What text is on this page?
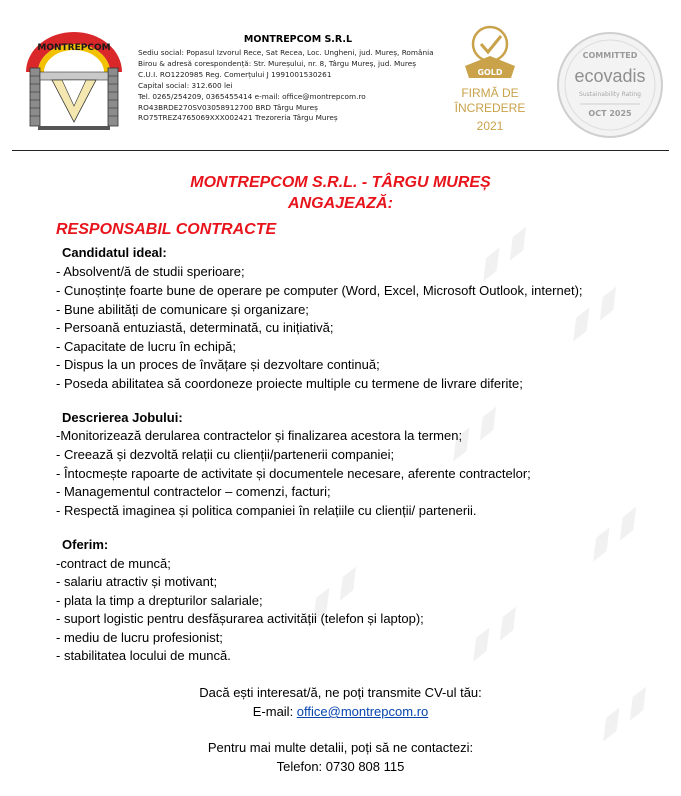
MONTREPCOM
MONTREPCOM S.R.L
Sediu social: Popasul Izvorul Rece, Sat Recea, Loc. Ungheni, jud. Mureș, România
Birou & adresă corespondență: Str. Mureșului, nr. 8, Târgu Mureș, jud. Mureș
C.U.I. RO1220985 Reg. Comerțului J 1991001530261
Capital social: 312.600 lei
Tel. 0265/254209, 0365455414 e-mail: office@montrepcom.ro
RO43BRDE270SV03058912700 BRD Târgu Mureș
RO75TREZ4765069XXX002421 Trezoreria Târgu Mureș
GOLD
FIRMĂ DE
ÎNCREDERE
2021
COMMITTED
ecovadis
Sustainability Rating
OCT 2025
◢◤◢◤
◢◤◢◤
◢◤◢◤
◢◤◢◤
◢◤◢◤
◢◤◢◤
◢◤◢◤
MONTREPCOM S.R.L. - TÂRGU MUREȘ
ANGAJEAZĂ:
RESPONSABIL CONTRACTE
Candidatul ideal:
- Absolvent/ă de studii sperioare;
- Cunoștințe foarte bune de operare pe computer (Word, Excel, Microsoft Outlook, internet);
- Bune abilități de comunicare și organizare;
- Persoană entuziastă, determinată, cu inițiativă;
- Capacitate de lucru în echipă;
- Dispus la un proces de învățare și dezvoltare continuă;
- Poseda abilitatea să coordoneze proiecte multiple cu termene de livrare diferite;
Descrierea Jobului:
-Monitorizează derularea contractelor și finalizarea acestora la termen;
- Creează și dezvoltă relații cu clienții/partenerii companiei;
- Întocmește rapoarte de activitate și documentele necesare, aferente contractelor;
- Managementul contractelor – comenzi, facturi;
- Respectă imaginea și politica companiei în relațiile cu clienții/ partenerii.
Oferim:
-contract de muncă;
- salariu atractiv și motivant;
- plata la timp a drepturilor salariale;
- suport logistic pentru desfășurarea activității (telefon și laptop);
- mediu de lucru profesionist;
- stabilitatea locului de muncă.
Dacă ești interesat/ă, ne poți transmite CV-ul tău:
E-mail: office@montrepcom.ro
Pentru mai multe detalii, poți să ne contactezi:
Telefon: 0730 808 115
